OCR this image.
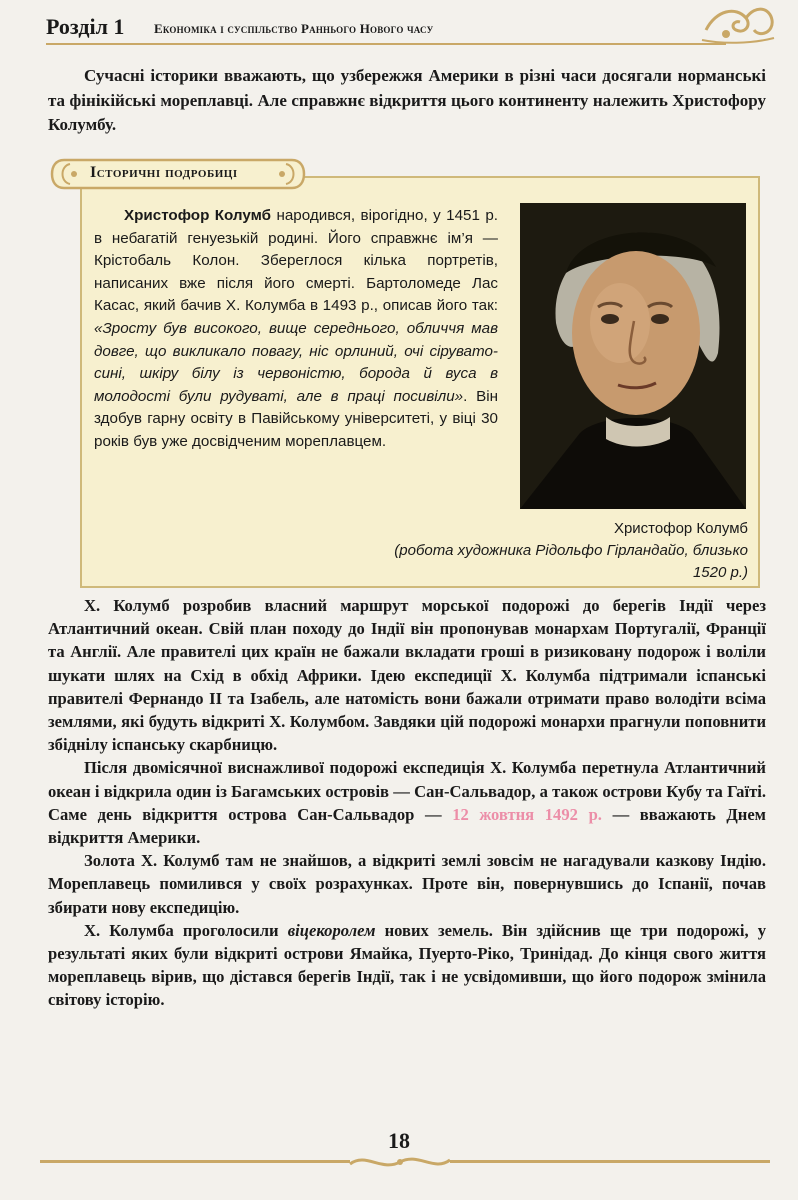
Розділ 1 Економіка і суспільство Раннього Нового часу
Сучасні історики вважають, що узбережжя Америки в різні часи досягали норманські та фінікійські мореплавці. Але справжнє відкриття цього континенту належить Христофору Колумбу.
Історичні подробиці
Христофор Колумб народився, вірогідно, у 1451 р. в небагатій генуезькій родині. Його справжнє ім’я — Крістобаль Колон. Збереглося кілька портретів, написаних вже після його смерті. Бартоломеде Лас Касас, який бачив Х. Колумба в 1493 р., описав його так: «Зросту був високого, вище середнього, обличчя мав довге, що викликало повагу, ніс орлиний, очі сірувато-сині, шкіру білу із червоністю, борода й вуса в молодості були рудуваті, але в праці посивіли». Він здобув гарну освіту в Павійському університеті, у віці 30 років був уже досвідченим мореплавцем.
Христофор Колумб
(робота художника Рідольфо Гірландайо, близько 1520 р.)

Х. Колумб розробив власний маршрут морської подорожі до берегів Індії через Атлантичний океан. Свій план походу до Індії він пропонував монархам Португалії, Франції та Англії. Але правителі цих країн не бажали вкладати гроші в ризиковану подорож і воліли шукати шлях на Схід в обхід Африки. Ідею експедиції Х. Колумба підтримали іспанські правителі Фернандо II та Ізабель, але натомість вони бажали отримати право володіти всіма землями, які будуть відкриті Х. Колумбом. Завдяки цій подорожі монархи прагнули поповнити збіднілу іспанську скарбницю.

Після двомісячної виснажливої подорожі експедиція Х. Колумба перетнула Атлантичний океан і відкрила один із Багамських островів — Сан-Сальвадор, а також острови Кубу та Гаїті. Саме день відкриття острова Сан-Сальвадор — 12 жовтня 1492 р. — вважають Днем відкриття Америки.

Золота Х. Колумб там не знайшов, а відкриті землі зовсім не нагадували казкову Індію. Мореплавець помилився у своїх розрахунках. Проте він, повернувшись до Іспанії, почав збирати нову експедицію.

Х. Колумба проголосили віцекоролем нових земель. Він здійснив ще три подорожі, у результаті яких були відкриті острови Ямайка, Пуерто-Ріко, Тринідад. До кінця свого життя мореплавець вірив, що дістався берегів Індії, так і не усвідомивши, що його подорож змінила світову історію.

18
